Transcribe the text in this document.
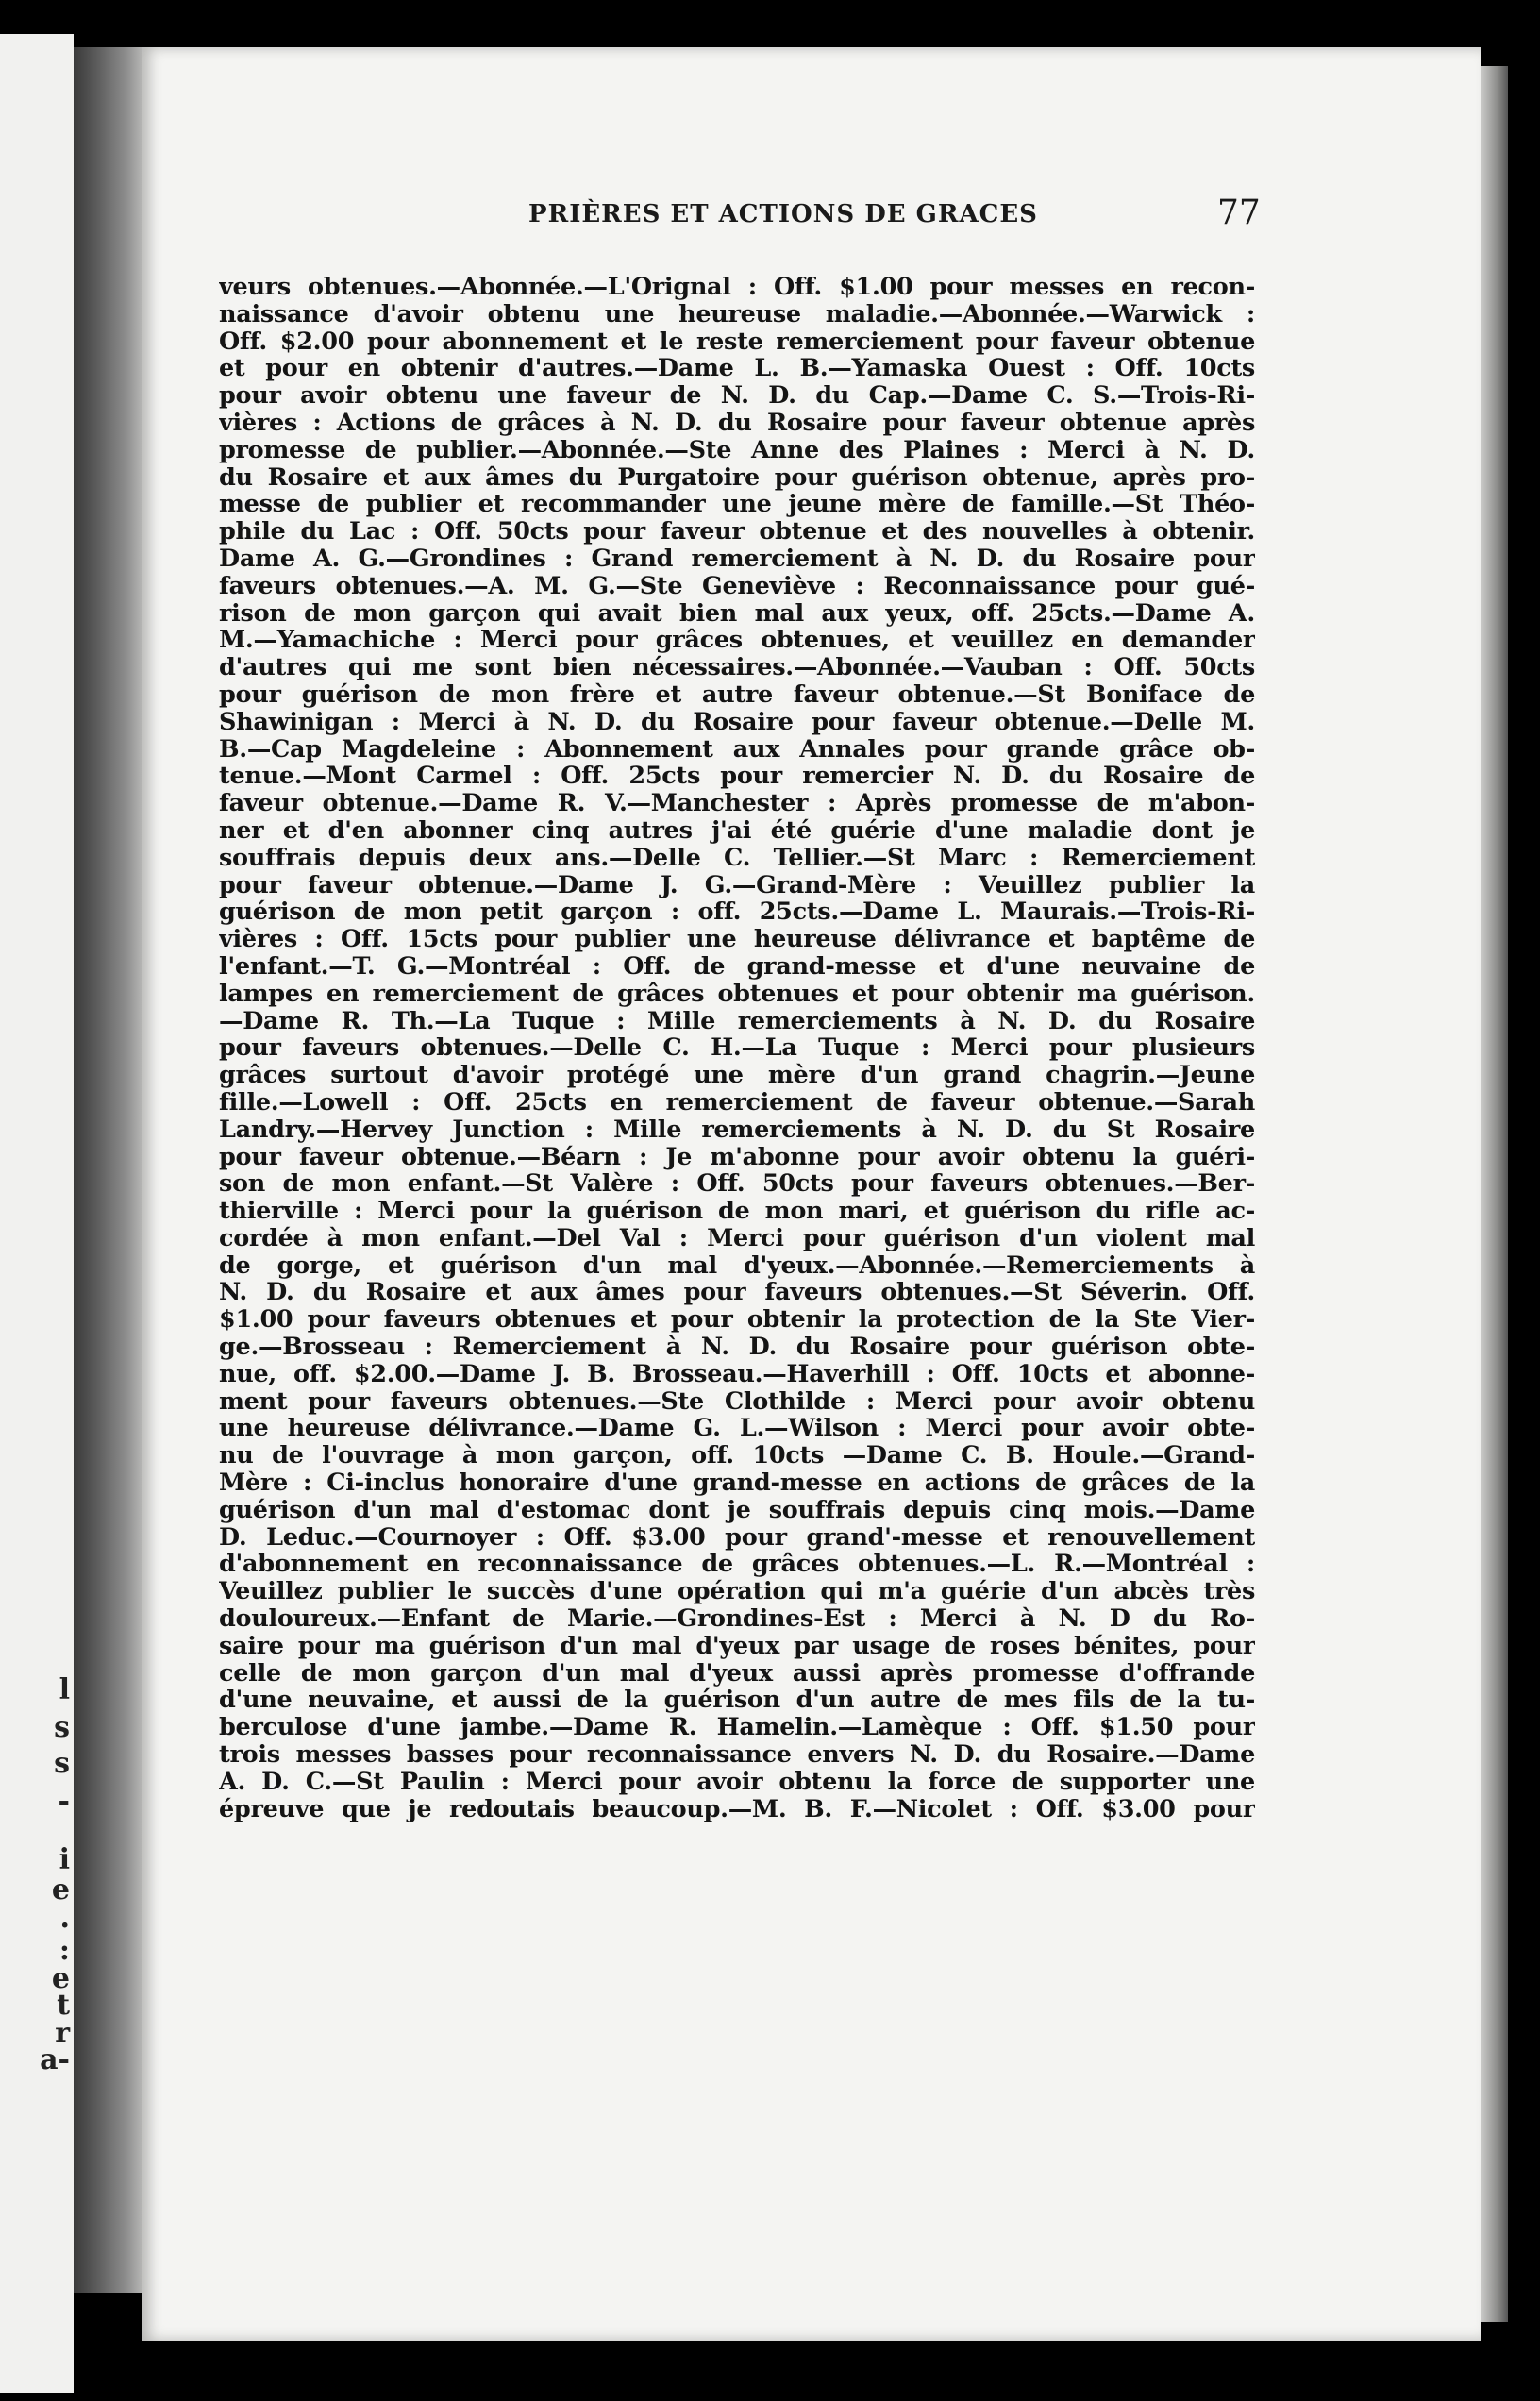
l
s
s
-
i
e
.
:
e
t
r
a-
PRIÈRES ET ACTIONS DE GRACES	77
veurs obtenues.—Abonnée.—L'Orignal : Off. $1.00 pour messes en recon-
naissance d'avoir obtenu une heureuse maladie.—Abonnée.—Warwick :
Off. $2.00 pour abonnement et le reste remerciement pour faveur obtenue
et pour en obtenir d'autres.—Dame L. B.—Yamaska Ouest : Off. 10cts
pour avoir obtenu une faveur de N. D. du Cap.—Dame C. S.—Trois-Ri-
vières : Actions de grâces à N. D. du Rosaire pour faveur obtenue après
promesse de publier.—Abonnée.—Ste Anne des Plaines : Merci à N. D.
du Rosaire et aux âmes du Purgatoire pour guérison obtenue, après pro-
messe de publier et recommander une jeune mère de famille.—St Théo-
phile du Lac : Off. 50cts pour faveur obtenue et des nouvelles à obtenir.
Dame A. G.—Grondines : Grand remerciement à N. D. du Rosaire pour
faveurs obtenues.—A. M. G.—Ste Geneviève : Reconnaissance pour gué-
rison de mon garçon qui avait bien mal aux yeux, off. 25cts.—Dame A.
M.—Yamachiche : Merci pour grâces obtenues, et veuillez en demander
d'autres qui me sont bien nécessaires.—Abonnée.—Vauban : Off. 50cts
pour guérison de mon frère et autre faveur obtenue.—St Boniface de
Shawinigan : Merci à N. D. du Rosaire pour faveur obtenue.—Delle M.
B.—Cap Magdeleine : Abonnement aux Annales pour grande grâce ob-
tenue.—Mont Carmel : Off. 25cts pour remercier N. D. du Rosaire de
faveur obtenue.—Dame R. V.—Manchester : Après promesse de m'abon-
ner et d'en abonner cinq autres j'ai été guérie d'une maladie dont je
souffrais depuis deux ans.—Delle C. Tellier.—St Marc : Remerciement
pour faveur obtenue.—Dame J. G.—Grand-Mère : Veuillez publier la
guérison de mon petit garçon : off. 25cts.—Dame L. Maurais.—Trois-Ri-
vières : Off. 15cts pour publier une heureuse délivrance et baptême de
l'enfant.—T. G.—Montréal : Off. de grand-messe et d'une neuvaine de
lampes en remerciement de grâces obtenues et pour obtenir ma guérison.
—Dame R. Th.—La Tuque : Mille remerciements à N. D. du Rosaire
pour faveurs obtenues.—Delle C. H.—La Tuque : Merci pour plusieurs
grâces surtout d'avoir protégé une mère d'un grand chagrin.—Jeune
fille.—Lowell : Off. 25cts en remerciement de faveur obtenue.—Sarah
Landry.—Hervey Junction : Mille remerciements à N. D. du St Rosaire
pour faveur obtenue.—Béarn : Je m'abonne pour avoir obtenu la guéri-
son de mon enfant.—St Valère : Off. 50cts pour faveurs obtenues.—Ber-
thierville : Merci pour la guérison de mon mari, et guérison du rifle ac-
cordée à mon enfant.—Del Val : Merci pour guérison d'un violent mal
de gorge, et guérison d'un mal d'yeux.—Abonnée.—Remerciements à
N. D. du Rosaire et aux âmes pour faveurs obtenues.—St Séverin. Off.
$1.00 pour faveurs obtenues et pour obtenir la protection de la Ste Vier-
ge.—Brosseau : Remerciement à N. D. du Rosaire pour guérison obte-
nue, off. $2.00.—Dame J. B. Brosseau.—Haverhill : Off. 10cts et abonne-
ment pour faveurs obtenues.—Ste Clothilde : Merci pour avoir obtenu
une heureuse délivrance.—Dame G. L.—Wilson : Merci pour avoir obte-
nu de l'ouvrage à mon garçon, off. 10cts —Dame C. B. Houle.—Grand-
Mère : Ci-inclus honoraire d'une grand-messe en actions de grâces de la
guérison d'un mal d'estomac dont je souffrais depuis cinq mois.—Dame
D. Leduc.—Cournoyer : Off. $3.00 pour grand'-messe et renouvellement
d'abonnement en reconnaissance de grâces obtenues.—L. R.—Montréal :
Veuillez publier le succès d'une opération qui m'a guérie d'un abcès très
douloureux.—Enfant de Marie.—Grondines-Est : Merci à N. D du Ro-
saire pour ma guérison d'un mal d'yeux par usage de roses bénites, pour
celle de mon garçon d'un mal d'yeux aussi après promesse d'offrande
d'une neuvaine, et aussi de la guérison d'un autre de mes fils de la tu-
berculose d'une jambe.—Dame R. Hamelin.—Lamèque : Off. $1.50 pour
trois messes basses pour reconnaissance envers N. D. du Rosaire.—Dame
A. D. C.—St Paulin : Merci pour avoir obtenu la force de supporter une
épreuve que je redoutais beaucoup.—M. B. F.—Nicolet : Off. $3.00 pour
